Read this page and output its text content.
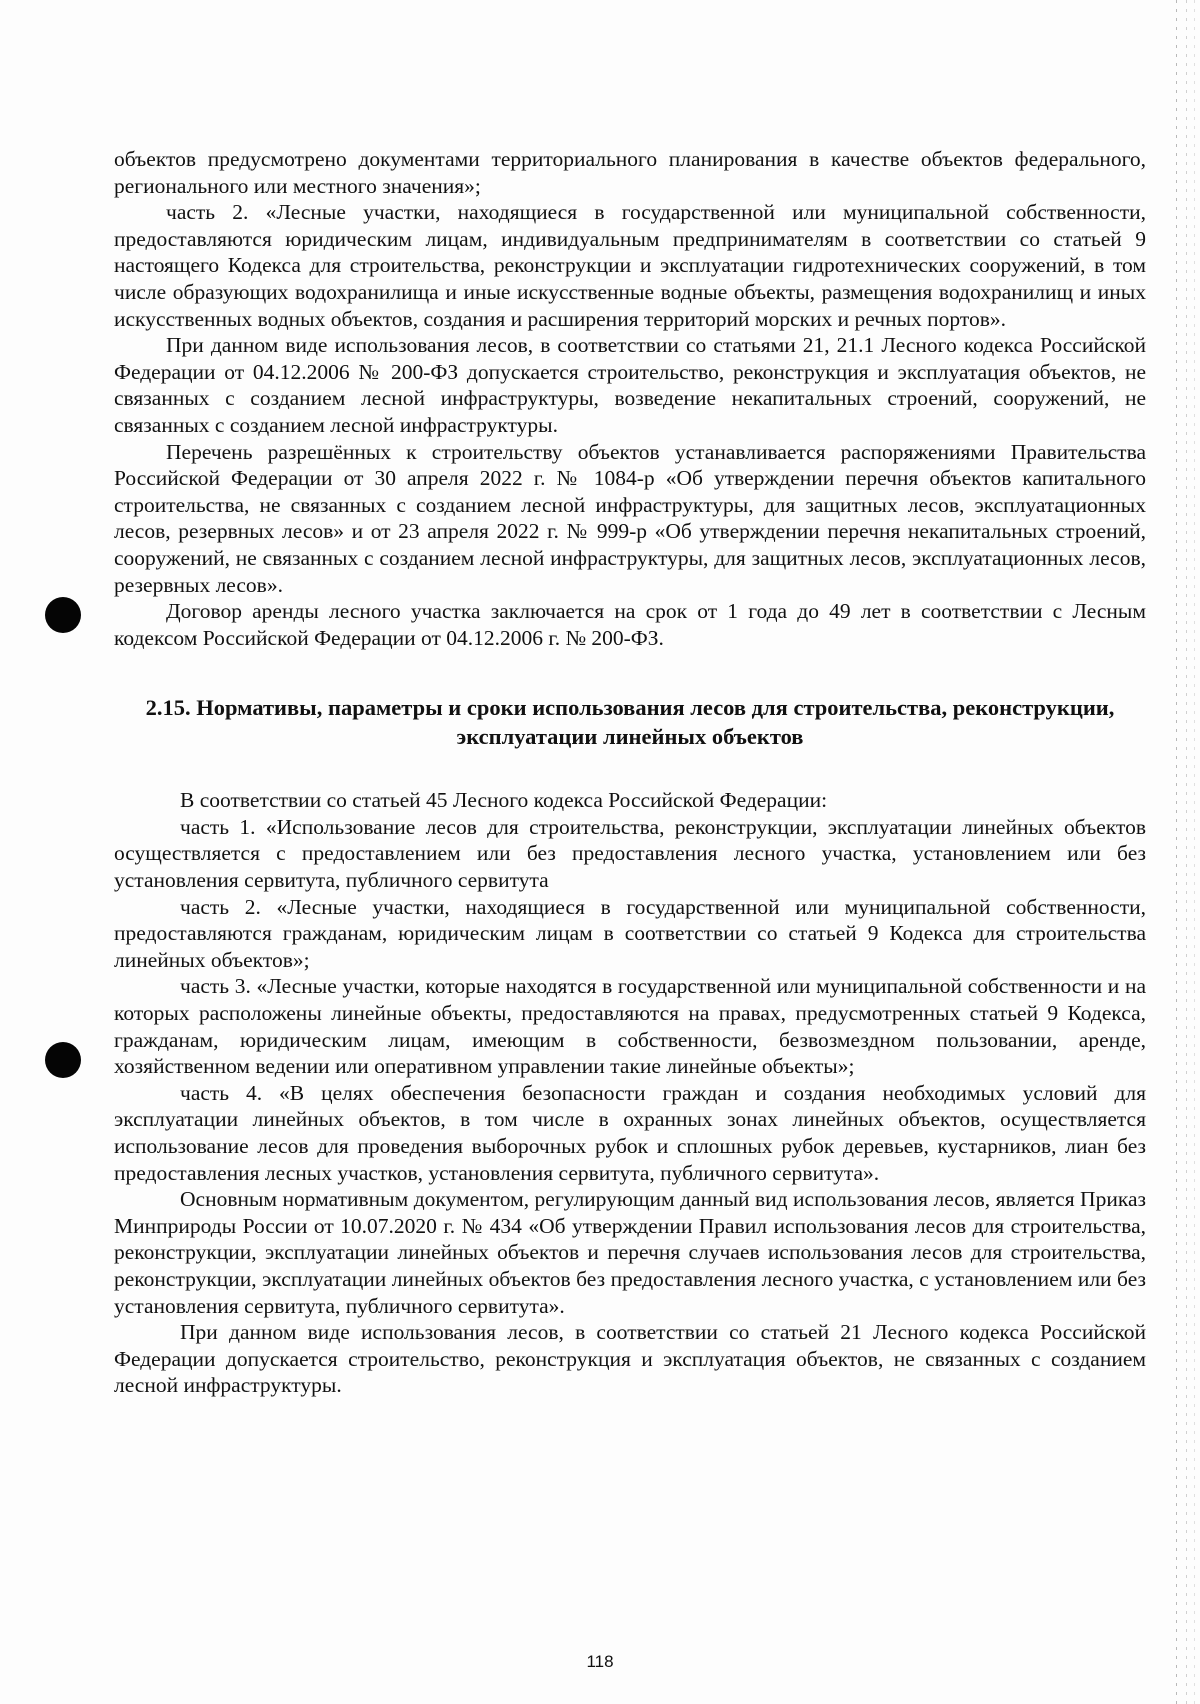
объектов предусмотрено документами территориального планирования в качестве объектов федерального, регионального или местного значения»;

часть 2. «Лесные участки, находящиеся в государственной или муниципальной собственности, предоставляются юридическим лицам, индивидуальным предпринимателям в соответствии со статьей 9 настоящего Кодекса для строительства, реконструкции и эксплуатации гидротехнических сооружений, в том числе образующих водохранилища и иные искусственные водные объекты, размещения водохранилищ и иных искусственных водных объектов, создания и расширения территорий морских и речных портов».

При данном виде использования лесов, в соответствии со статьями 21, 21.1 Лесного кодекса Российской Федерации от 04.12.2006 № 200-ФЗ допускается строительство, реконструкция и эксплуатация объектов, не связанных с созданием лесной инфраструктуры, возведение некапитальных строений, сооружений, не связанных с созданием лесной инфраструктуры.

Перечень разрешённых к строительству объектов устанавливается распоряжениями Правительства Российской Федерации от 30 апреля 2022 г. № 1084-р «Об утверждении перечня объектов капитального строительства, не связанных с созданием лесной инфраструктуры, для защитных лесов, эксплуатационных лесов, резервных лесов» и от 23 апреля 2022 г. № 999-р «Об утверждении перечня некапитальных строений, сооружений, не связанных с созданием лесной инфраструктуры, для защитных лесов, эксплуатационных лесов, резервных лесов».

Договор аренды лесного участка заключается на срок от 1 года до 49 лет в соответствии с Лесным кодексом Российской Федерации от 04.12.2006 г. № 200-ФЗ.

2.15. Нормативы, параметры и сроки использования лесов для строительства, реконструкции, эксплуатации линейных объектов

В соответствии со статьей 45 Лесного кодекса Российской Федерации:

часть 1. «Использование лесов для строительства, реконструкции, эксплуатации линейных объектов осуществляется с предоставлением или без предоставления лесного участка, установлением или без установления сервитута, публичного сервитута

часть 2. «Лесные участки, находящиеся в государственной или муниципальной собственности, предоставляются гражданам, юридическим лицам в соответствии со статьей 9 Кодекса для строительства линейных объектов»;

часть 3. «Лесные участки, которые находятся в государственной или муниципальной собственности и на которых расположены линейные объекты, предоставляются на правах, предусмотренных статьей 9 Кодекса, гражданам, юридическим лицам, имеющим в собственности, безвозмездном пользовании, аренде, хозяйственном ведении или оперативном управлении такие линейные объекты»;

часть 4. «В целях обеспечения безопасности граждан и создания необходимых условий для эксплуатации линейных объектов, в том числе в охранных зонах линейных объектов, осуществляется использование лесов для проведения выборочных рубок и сплошных рубок деревьев, кустарников, лиан без предоставления лесных участков, установления сервитута, публичного сервитута».

Основным нормативным документом, регулирующим данный вид использования лесов, является Приказ Минприроды России от 10.07.2020 г. № 434 «Об утверждении Правил использования лесов для строительства, реконструкции, эксплуатации линейных объектов и перечня случаев использования лесов для строительства, реконструкции, эксплуатации линейных объектов без предоставления лесного участка, с установлением или без установления сервитута, публичного сервитута».

При данном виде использования лесов, в соответствии со статьей 21 Лесного кодекса Российской Федерации допускается строительство, реконструкция и эксплуатация объектов, не связанных с созданием лесной инфраструктуры.

118
